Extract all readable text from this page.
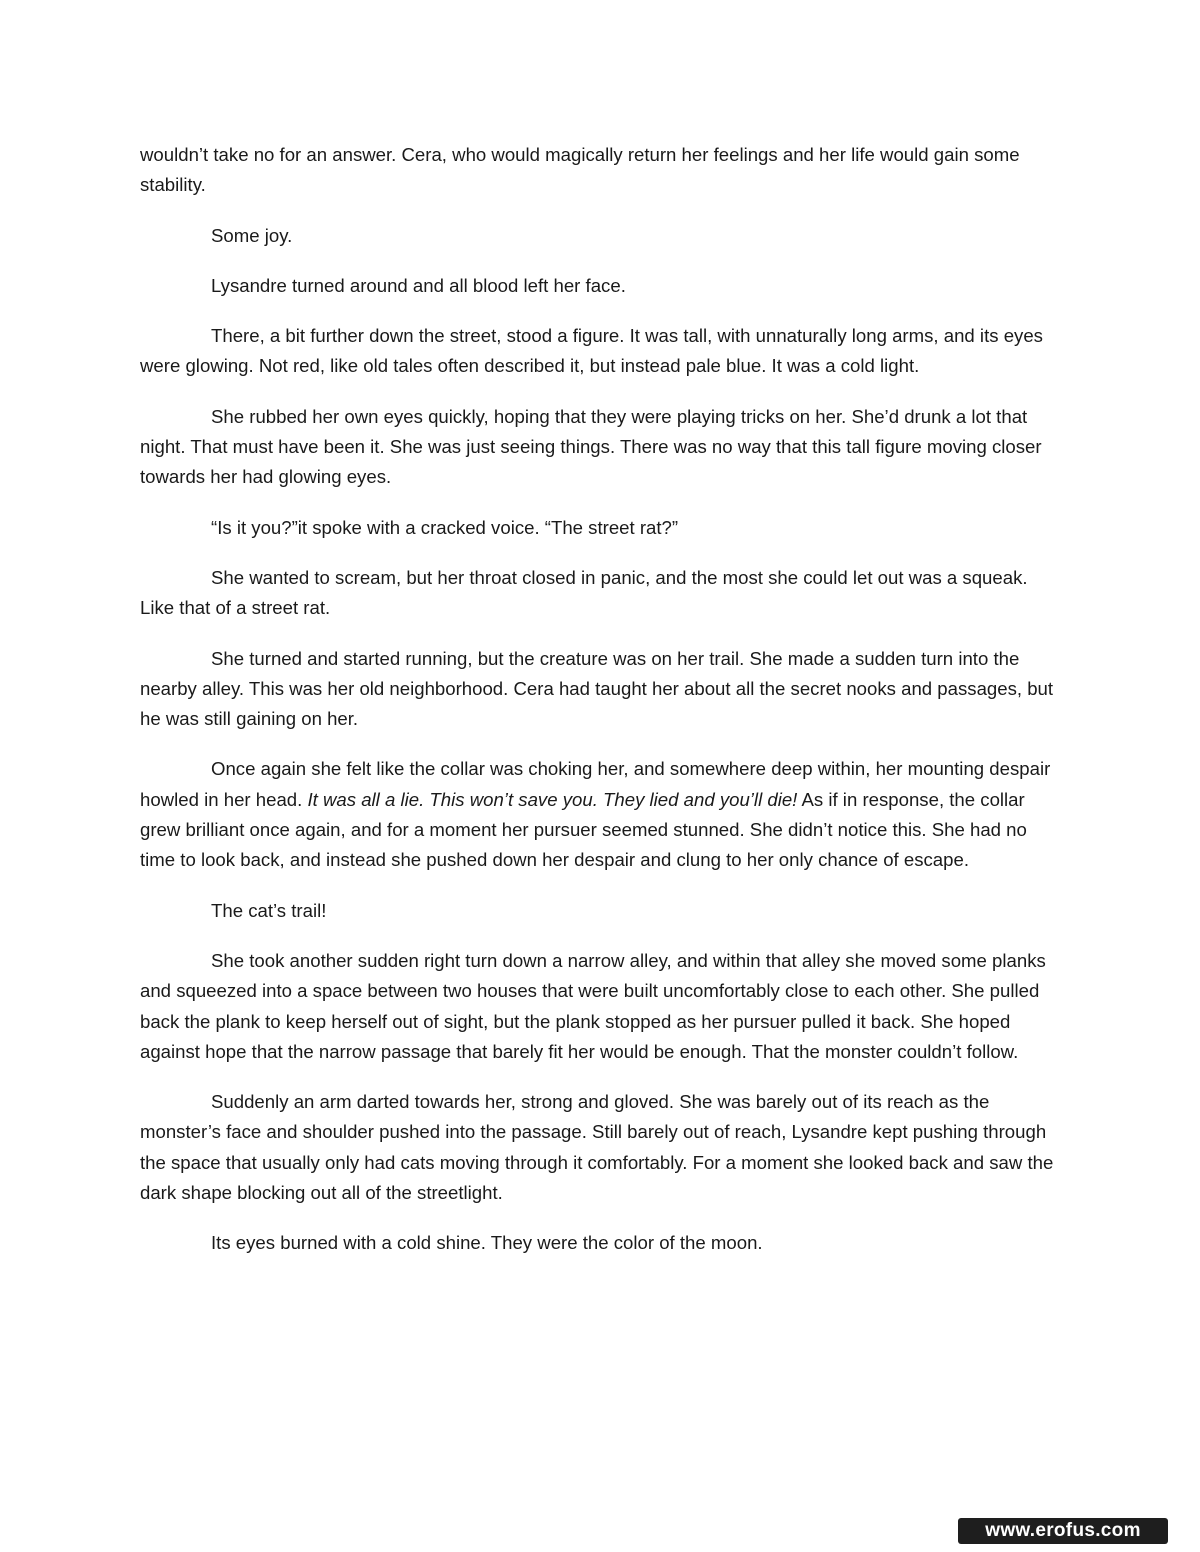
wouldn’t take no for an answer. Cera, who would magically return her feelings and her life would gain some stability.

Some joy.

Lysandre turned around and all blood left her face.

There, a bit further down the street, stood a figure. It was tall, with unnaturally long arms, and its eyes were glowing. Not red, like old tales often described it, but instead pale blue. It was a cold light.

She rubbed her own eyes quickly, hoping that they were playing tricks on her. She’d drunk a lot that night. That must have been it. She was just seeing things. There was no way that this tall figure moving closer towards her had glowing eyes.

“Is it you?”it spoke with a cracked voice. “The street rat?”

She wanted to scream, but her throat closed in panic, and the most she could let out was a squeak. Like that of a street rat.

She turned and started running, but the creature was on her trail. She made a sudden turn into the nearby alley. This was her old neighborhood. Cera had taught her about all the secret nooks and passages, but he was still gaining on her.

Once again she felt like the collar was choking her, and somewhere deep within, her mounting despair howled in her head. It was all a lie. This won’t save you. They lied and you’ll die! As if in response, the collar grew brilliant once again, and for a moment her pursuer seemed stunned. She didn’t notice this. She had no time to look back, and instead she pushed down her despair and clung to her only chance of escape.

The cat’s trail!

She took another sudden right turn down a narrow alley, and within that alley she moved some planks and squeezed into a space between two houses that were built uncomfortably close to each other. She pulled back the plank to keep herself out of sight, but the plank stopped as her pursuer pulled it back. She hoped against hope that the narrow passage that barely fit her would be enough. That the monster couldn’t follow.

Suddenly an arm darted towards her, strong and gloved. She was barely out of its reach as the monster’s face and shoulder pushed into the passage. Still barely out of reach, Lysandre kept pushing through the space that usually only had cats moving through it comfortably. For a moment she looked back and saw the dark shape blocking out all of the streetlight.

Its eyes burned with a cold shine. They were the color of the moon.

www.erofus.com
